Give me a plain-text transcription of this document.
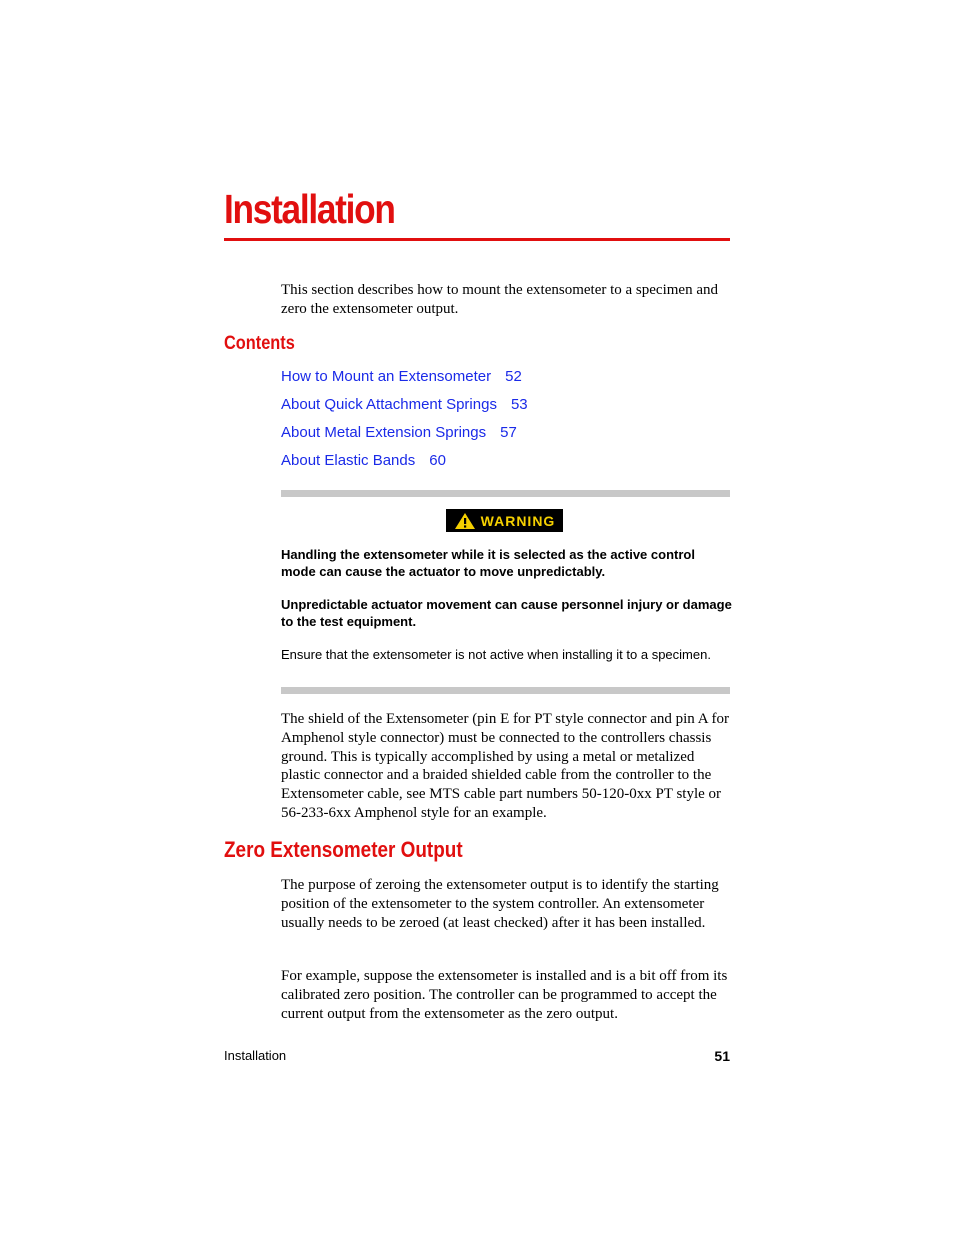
Installation

This section describes how to mount the extensometer to a specimen and zero the extensometer output.

Contents
How to Mount an Extensometer 52
About Quick Attachment Springs 53
About Metal Extension Springs 57
About Elastic Bands 60
WARNING

Handling the extensometer while it is selected as the active control mode can cause the actuator to move unpredictably.

Unpredictable actuator movement can cause personnel injury or damage to the test equipment.

Ensure that the extensometer is not active when installing it to a specimen.

The shield of the Extensometer (pin E for PT style connector and pin A for Amphenol style connector) must be connected to the controllers chassis ground. This is typically accomplished by using a metal or metalized plastic connector and a braided shielded cable from the controller to the Extensometer cable, see MTS cable part numbers 50-120-0xx PT style or 56-233-6xx Amphenol style for an example.

Zero Extensometer Output

The purpose of zeroing the extensometer output is to identify the starting position of the extensometer to the system controller. An extensometer usually needs to be zeroed (at least checked) after it has been installed.

For example, suppose the extensometer is installed and is a bit off from its calibrated zero position. The controller can be programmed to accept the current output from the extensometer as the zero output.

Installation	51
